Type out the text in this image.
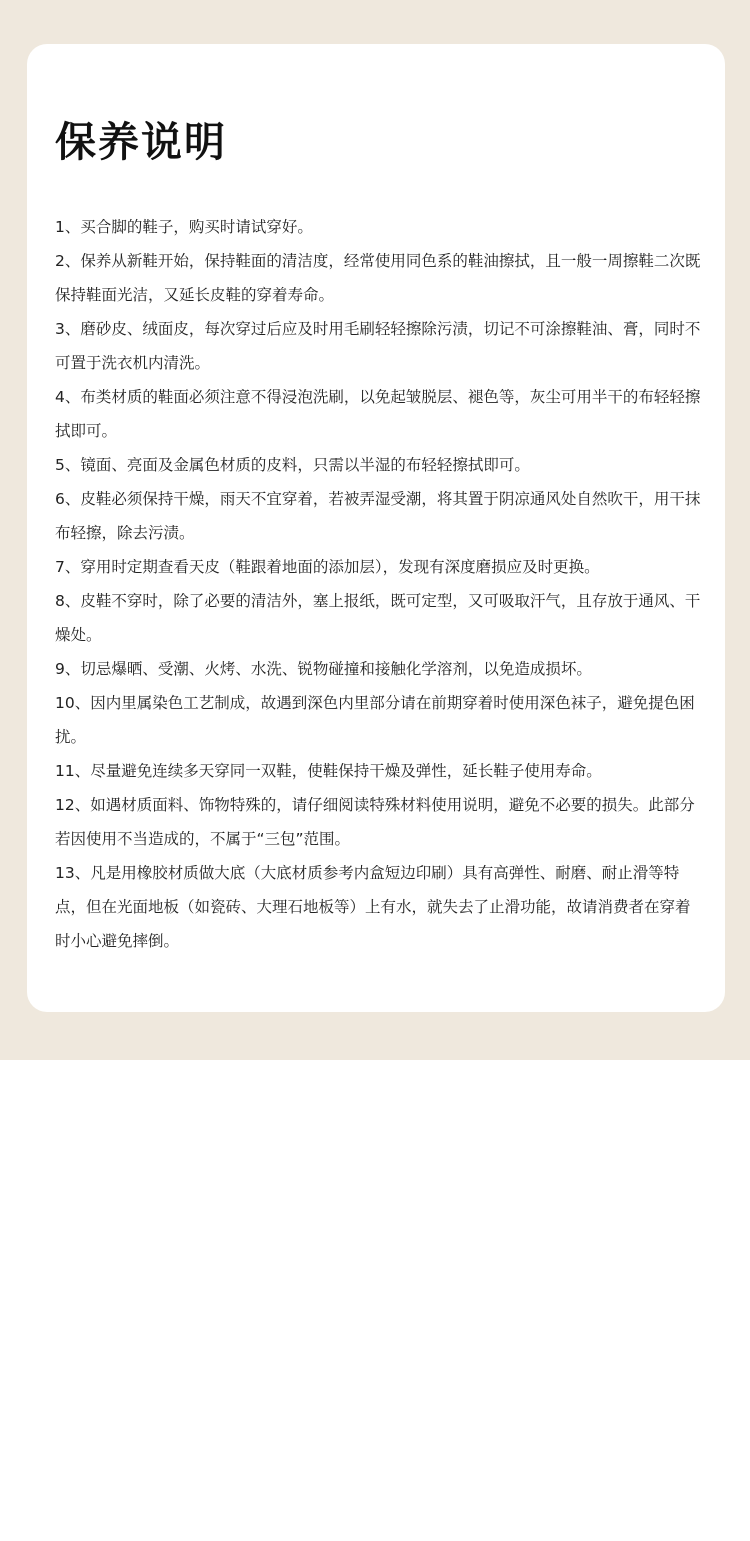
保养说明
1、买合脚的鞋子，购买时请试穿好。
2、保养从新鞋开始，保持鞋面的清洁度，经常使用同色系的鞋油擦拭，且一般一周擦鞋二次既保持鞋面光洁，又延长皮鞋的穿着寿命。
3、磨砂皮、绒面皮，每次穿过后应及时用毛刷轻轻擦除污渍，切记不可涂擦鞋油、膏，同时不可置于洗衣机内清洗。
4、布类材质的鞋面必须注意不得浸泡洗刷，以免起皱脱层、褪色等，灰尘可用半干的布轻轻擦拭即可。
5、镜面、亮面及金属色材质的皮料，只需以半湿的布轻轻擦拭即可。
6、皮鞋必须保持干燥，雨天不宜穿着，若被弄湿受潮，将其置于阴凉通风处自然吹干，用干抹布轻擦，除去污渍。
7、穿用时定期查看天皮（鞋跟着地面的添加层），发现有深度磨损应及时更换。
8、皮鞋不穿时，除了必要的清洁外，塞上报纸，既可定型，又可吸取汗气，且存放于通风、干燥处。
9、切忌爆晒、受潮、火烤、水洗、锐物碰撞和接触化学溶剂，以免造成损坏。
10、因内里属染色工艺制成，故遇到深色内里部分请在前期穿着时使用深色袜子，避免提色困扰。
11、尽量避免连续多天穿同一双鞋，使鞋保持干燥及弹性，延长鞋子使用寿命。
12、如遇材质面料、饰物特殊的，请仔细阅读特殊材料使用说明，避免不必要的损失。此部分若因使用不当造成的，不属于“三包”范围。
13、凡是用橡胶材质做大底（大底材质参考内盒短边印刷）具有高弹性、耐磨、耐止滑等特点，但在光面地板（如瓷砖、大理石地板等）上有水，就失去了止滑功能，故请消费者在穿着时小心避免摔倒。
